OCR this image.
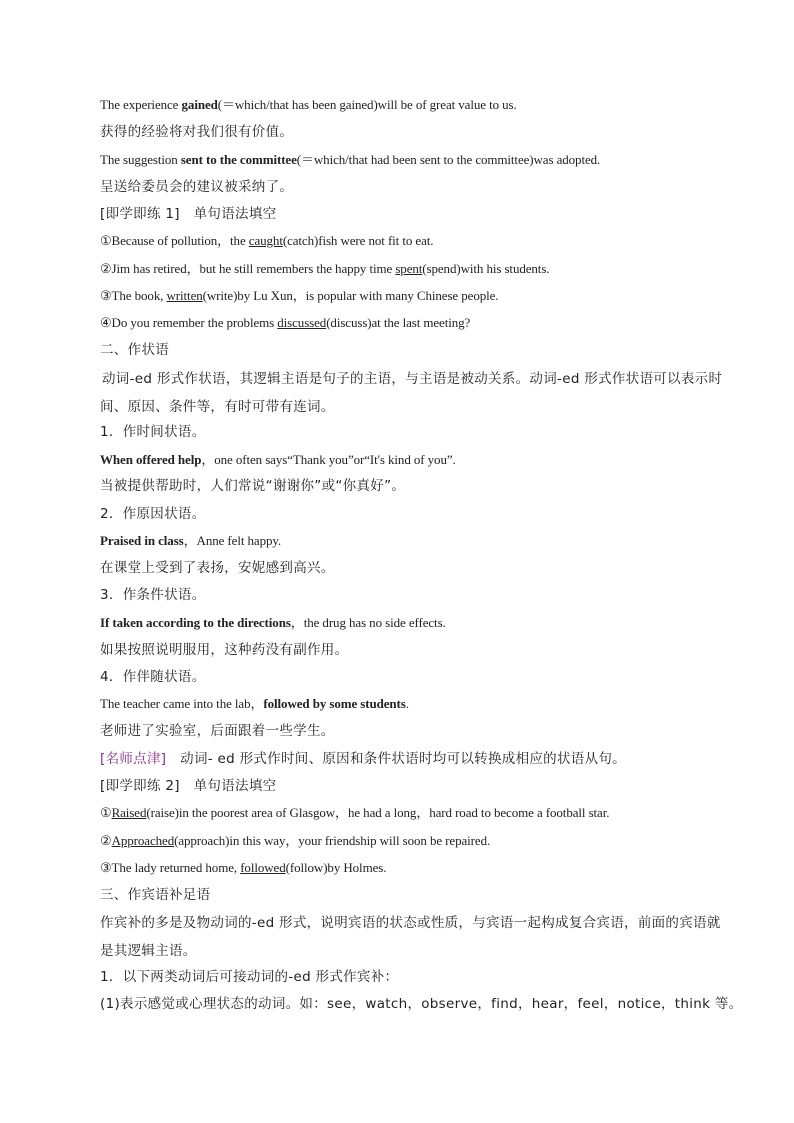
The experience gained(＝which/that has been gained)will be of great value to us.
获得的经验将对我们很有价值。
The suggestion sent to the committee(＝which/that had been sent to the committee)was adopted.
呈送给委员会的建议被采纳了。
[即学即练 1]　单句语法填空
①Because of pollution，the caught(catch)fish were not fit to eat.
②Jim has retired，but he still remembers the happy time spent(spend)with his students.
③The book, written(write)by Lu Xun，is popular with many Chinese people.
④Do you remember the problems discussed(discuss)at the last meeting?
二、作状语
动词-ed 形式作状语，其逻辑主语是句子的主语，与主语是被动关系。动词-ed 形式作状语可以表示时间、原因、条件等，有时可带有连词。
1．作时间状语。
When offered help，one often says“Thank you”or“It's kind of you”.
当被提供帮助时，人们常说“谢谢你”或“你真好”。
2．作原因状语。
Praised in class，Anne felt happy.
在课堂上受到了表扬，安妮感到高兴。
3．作条件状语。
If taken according to the directions，the drug has no side effects.
如果按照说明服用，这种药没有副作用。
4．作伴随状语。
The teacher came into the lab，followed by some students.
老师进了实验室，后面跟着一些学生。
[名师点津]　动词- ed 形式作时间、原因和条件状语时均可以转换成相应的状语从句。
[即学即练 2]　单句语法填空
①Raised(raise)in the poorest area of Glasgow，he had a long，hard road to become a football star.
②Approached(approach)in this way，your friendship will soon be repaired.
③The lady returned home, followed(follow)by Holmes.
三、作宾语补足语
作宾补的多是及物动词的-ed 形式，说明宾语的状态或性质，与宾语一起构成复合宾语，前面的宾语就是其逻辑主语。
1．以下两类动词后可接动词的-ed 形式作宾补：
(1)表示感觉或心理状态的动词。如：see，watch，observe，find，hear，feel，notice，think 等。
